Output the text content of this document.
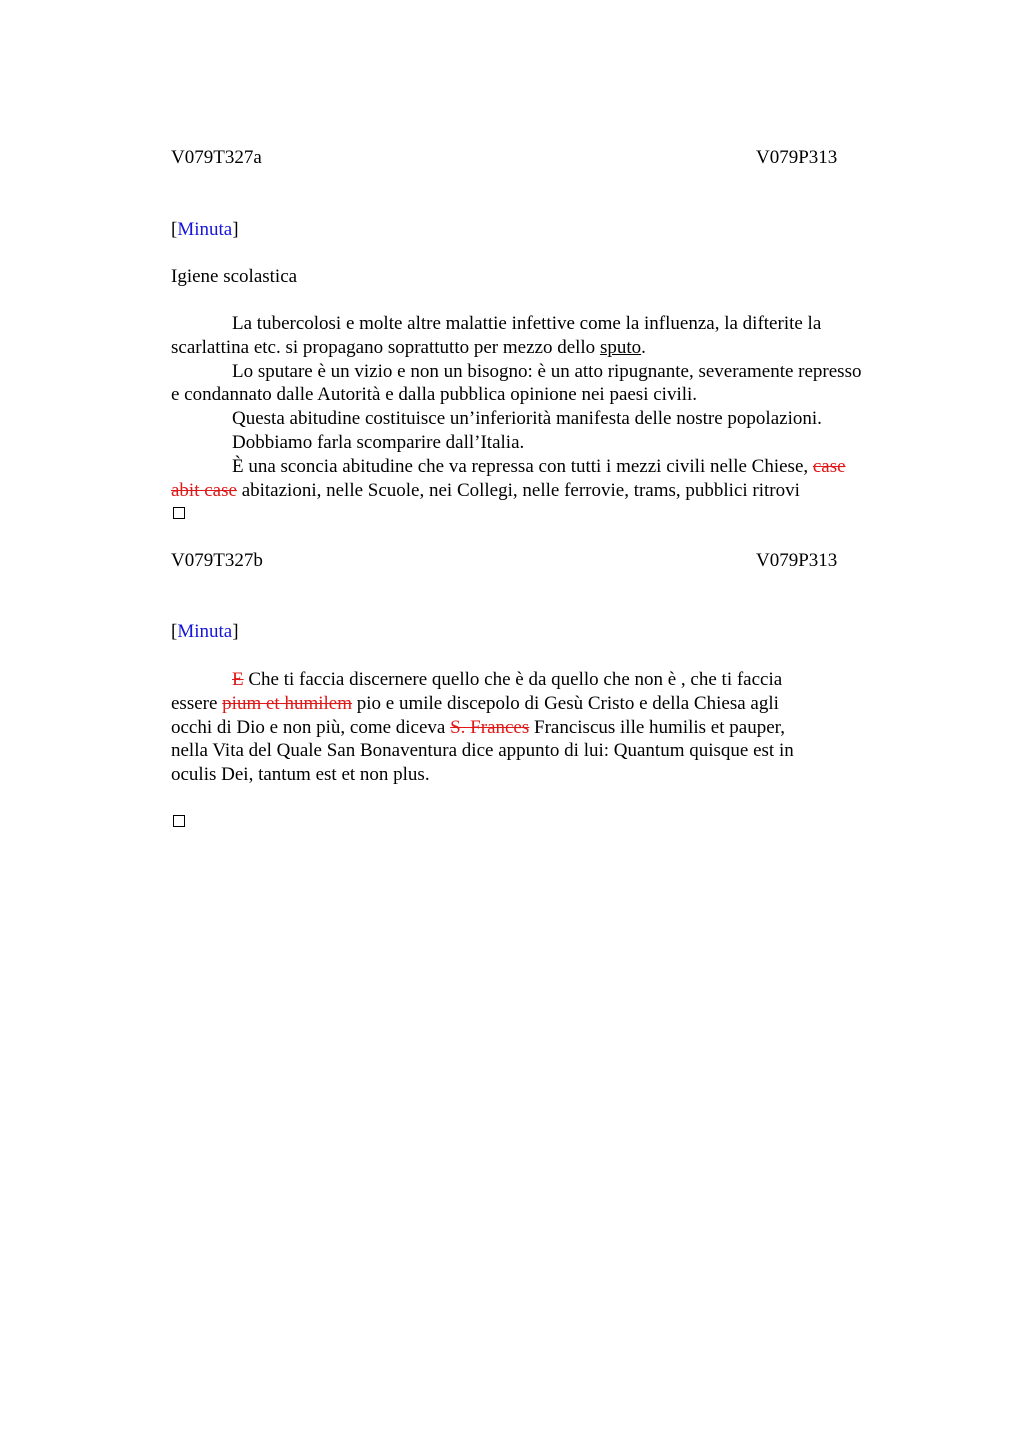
V079T327a	V079P313
[Minuta]
Igiene scolastica
La tubercolosi e molte altre malattie infettive come la influenza, la difterite la
scarlattina etc. si propagano soprattutto per mezzo dello sputo.
Lo sputare è un vizio e non un bisogno: è un atto ripugnante, severamente represso
e condannato dalle Autorità e dalla pubblica opinione nei paesi civili.
Questa abitudine costituisce un’inferiorità manifesta delle nostre popolazioni.
Dobbiamo farla scomparire dall’Italia.
È una sconcia abitudine che va repressa con tutti i mezzi civili nelle Chiese, case
abit case abitazioni, nelle Scuole, nei Collegi, nelle ferrovie, trams, pubblici ritrovi
V079T327b	V079P313
[Minuta]
E Che ti faccia discernere quello che è da quello che non è , che ti faccia
essere pium et humilem pio e umile discepolo di Gesù Cristo e della Chiesa agli
occhi di Dio e non più, come diceva S. Frances Franciscus ille humilis et pauper,
nella Vita del Quale San Bonaventura dice appunto di lui: Quantum quisque est in
oculis Dei, tantum est et non plus.
